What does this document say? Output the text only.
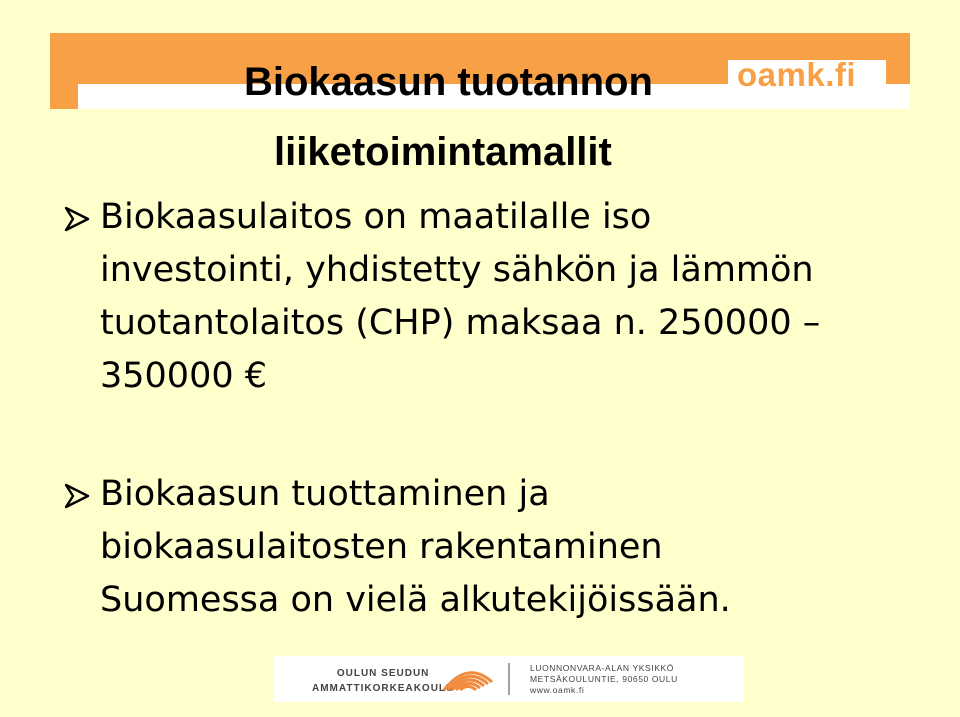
oamk.fi
Biokaasun tuotannon
liiketoimintamallit
Biokaasulaitos on maatilalle iso
investointi, yhdistetty sähkön ja lämmön
tuotantolaitos (CHP) maksaa n. 250000 –
350000 €
Biokaasun tuottaminen ja
biokaasulaitosten rakentaminen
Suomessa on vielä alkutekijöissään.
OULUN SEUDUN
AMMATTIKORKEAKOULU
LUONNONVARA-ALAN YKSIKKÖ
METSÄKOULUNTIE, 90650 OULU
www.oamk.fi
